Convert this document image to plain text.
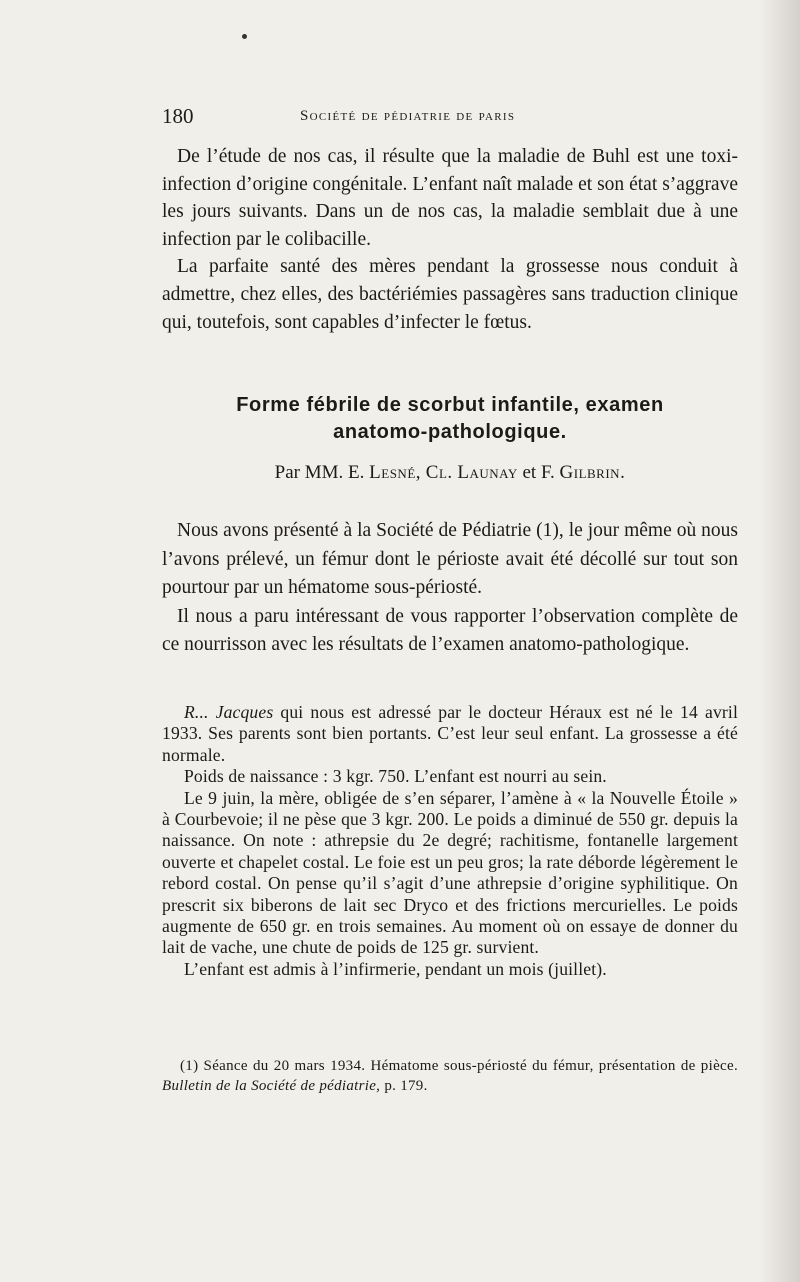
180	Société de pédiatrie de paris

De l’étude de nos cas, il résulte que la maladie de Buhl est une toxi-infection d’origine congénitale. L’enfant naît malade et son état s’aggrave les jours suivants. Dans un de nos cas, la maladie semblait due à une infection par le colibacille.

La parfaite santé des mères pendant la grossesse nous conduit à admettre, chez elles, des bactériémies passagères sans traduction clinique qui, toutefois, sont capables d’infecter le fœtus.

Forme fébrile de scorbut infantile, examen
anatomo-pathologique.
Par MM. E. Lesné, Cl. Launay et F. Gilbrin.

Nous avons présenté à la Société de Pédiatrie (1), le jour même où nous l’avons prélevé, un fémur dont le périoste avait été décollé sur tout son pourtour par un hématome sous-périosté.

Il nous a paru intéressant de vous rapporter l’observation complète de ce nourrisson avec les résultats de l’examen anatomo-pathologique.

R... Jacques qui nous est adressé par le docteur Héraux est né le 14 avril 1933. Ses parents sont bien portants. C’est leur seul enfant. La grossesse a été normale.

Poids de naissance : 3 kgr. 750. L’enfant est nourri au sein.

Le 9 juin, la mère, obligée de s’en séparer, l’amène à « la Nouvelle Étoile » à Courbevoie; il ne pèse que 3 kgr. 200. Le poids a diminué de 550 gr. depuis la naissance. On note : athrepsie du 2e degré; rachitisme, fontanelle largement ouverte et chapelet costal. Le foie est un peu gros; la rate déborde légèrement le rebord costal. On pense qu’il s’agit d’une athrepsie d’origine syphilitique. On prescrit six biberons de lait sec Dryco et des frictions mercurielles. Le poids augmente de 650 gr. en trois semaines. Au moment où on essaye de donner du lait de vache, une chute de poids de 125 gr. survient.

L’enfant est admis à l’infirmerie, pendant un mois (juillet).

(1) Séance du 20 mars 1934. Hématome sous-périosté du fémur, présentation de pièce. Bulletin de la Société de pédiatrie, p. 179.
